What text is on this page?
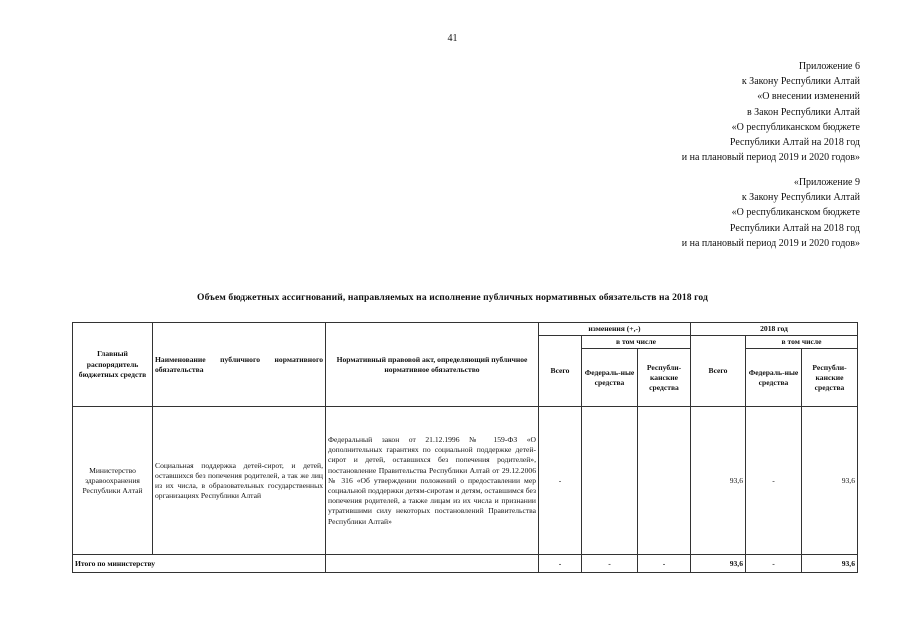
41
Приложение 6
к Закону Республики Алтай
«О внесении изменений
в Закон Республики Алтай
«О республиканском бюджете
Республики Алтай на 2018 год
и на плановый период 2019 и 2020 годов»
«Приложение 9
к Закону Республики Алтай
«О республиканском бюджете
Республики Алтай на 2018 год
и на плановый период 2019 и 2020 годов»
Объем бюджетных ассигнований, направляемых на исполнение публичных нормативных обязательств на 2018 год
Главный распорядитель бюджетных средств	Наименование публичного нормативного обязательства	Нормативный правовой акт, определяющий публичное нормативное обязательство	изменения (+,-)			2018 год		
			Всего	в том числе		Всего	в том числе	
				Федераль-ные средства	Республи-канские средства		Федераль-ные средства	Республи-канские средства
Министерство здравоохранения Республики Алтай	Социальная поддержка детей-сирот, и детей, оставшихся без попечения родителей, а так же лиц из их числа, в образовательных государственных организациях Республики Алтай	Федеральный закон от 21.12.1996 № 159-ФЗ «О дополнительных гарантиях по социальной поддержке детей-сирот и детей, оставшихся без попечения родителей», постановление Правительства Республики Алтай от 29.12.2006 № 316 «Об утверждении положений о предоставлении мер социальной поддержки детям-сиротам и детям, оставшимся без попечения родителей, а также лицам из их числа и признании утратившими силу некоторых постановлений Правительства Республики Алтай»	-			93,6	-	93,6
Итого по министерству			-	-	-	93,6	-	93,6
